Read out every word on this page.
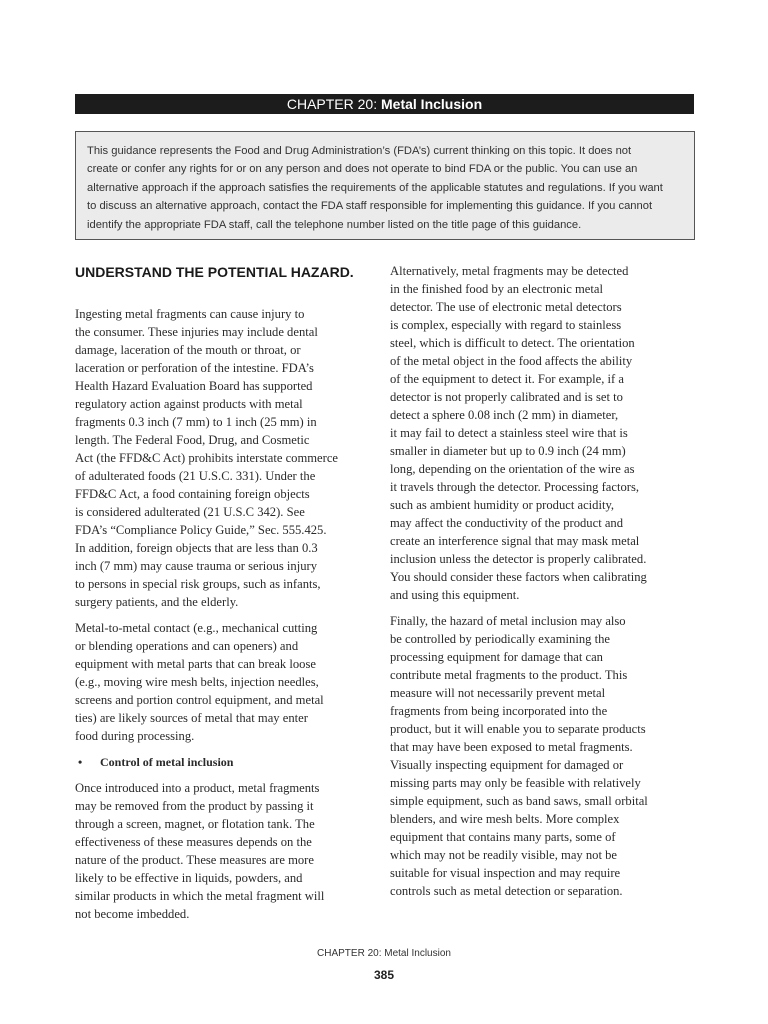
CHAPTER 20: Metal Inclusion
This guidance represents the Food and Drug Administration’s (FDA’s) current thinking on this topic. It does not
create or confer any rights for or on any person and does not operate to bind FDA or the public. You can use an
alternative approach if the approach satisfies the requirements of the applicable statutes and regulations. If you want
to discuss an alternative approach, contact the FDA staff responsible for implementing this guidance. If you cannot
identify the appropriate FDA staff, call the telephone number listed on the title page of this guidance.
UNDERSTAND THE POTENTIAL HAZARD.
Ingesting metal fragments can cause injury to
the consumer. These injuries may include dental
damage, laceration of the mouth or throat, or
laceration or perforation of the intestine. FDA’s
Health Hazard Evaluation Board has supported
regulatory action against products with metal
fragments 0.3 inch (7 mm) to 1 inch (25 mm) in
length. The Federal Food, Drug, and Cosmetic
Act (the FFD&C Act) prohibits interstate commerce
of adulterated foods (21 U.S.C. 331). Under the
FFD&C Act, a food containing foreign objects
is considered adulterated (21 U.S.C 342). See
FDA’s “Compliance Policy Guide,” Sec. 555.425.
In addition, foreign objects that are less than 0.3
inch (7 mm) may cause trauma or serious injury
to persons in special risk groups, such as infants,
surgery patients, and the elderly.
Metal-to-metal contact (e.g., mechanical cutting
or blending operations and can openers) and
equipment with metal parts that can break loose
(e.g., moving wire mesh belts, injection needles,
screens and portion control equipment, and metal
ties) are likely sources of metal that may enter
food during processing.
• Control of metal inclusion
Once introduced into a product, metal fragments
may be removed from the product by passing it
through a screen, magnet, or flotation tank. The
effectiveness of these measures depends on the
nature of the product. These measures are more
likely to be effective in liquids, powders, and
similar products in which the metal fragment will
not become imbedded.
Alternatively, metal fragments may be detected
in the finished food by an electronic metal
detector. The use of electronic metal detectors
is complex, especially with regard to stainless
steel, which is difficult to detect. The orientation
of the metal object in the food affects the ability
of the equipment to detect it. For example, if a
detector is not properly calibrated and is set to
detect a sphere 0.08 inch (2 mm) in diameter,
it may fail to detect a stainless steel wire that is
smaller in diameter but up to 0.9 inch (24 mm)
long, depending on the orientation of the wire as
it travels through the detector. Processing factors,
such as ambient humidity or product acidity,
may affect the conductivity of the product and
create an interference signal that may mask metal
inclusion unless the detector is properly calibrated.
You should consider these factors when calibrating
and using this equipment.
Finally, the hazard of metal inclusion may also
be controlled by periodically examining the
processing equipment for damage that can
contribute metal fragments to the product. This
measure will not necessarily prevent metal
fragments from being incorporated into the
product, but it will enable you to separate products
that may have been exposed to metal fragments.
Visually inspecting equipment for damaged or
missing parts may only be feasible with relatively
simple equipment, such as band saws, small orbital
blenders, and wire mesh belts. More complex
equipment that contains many parts, some of
which may not be readily visible, may not be
suitable for visual inspection and may require
controls such as metal detection or separation.
CHAPTER 20: Metal Inclusion
385
